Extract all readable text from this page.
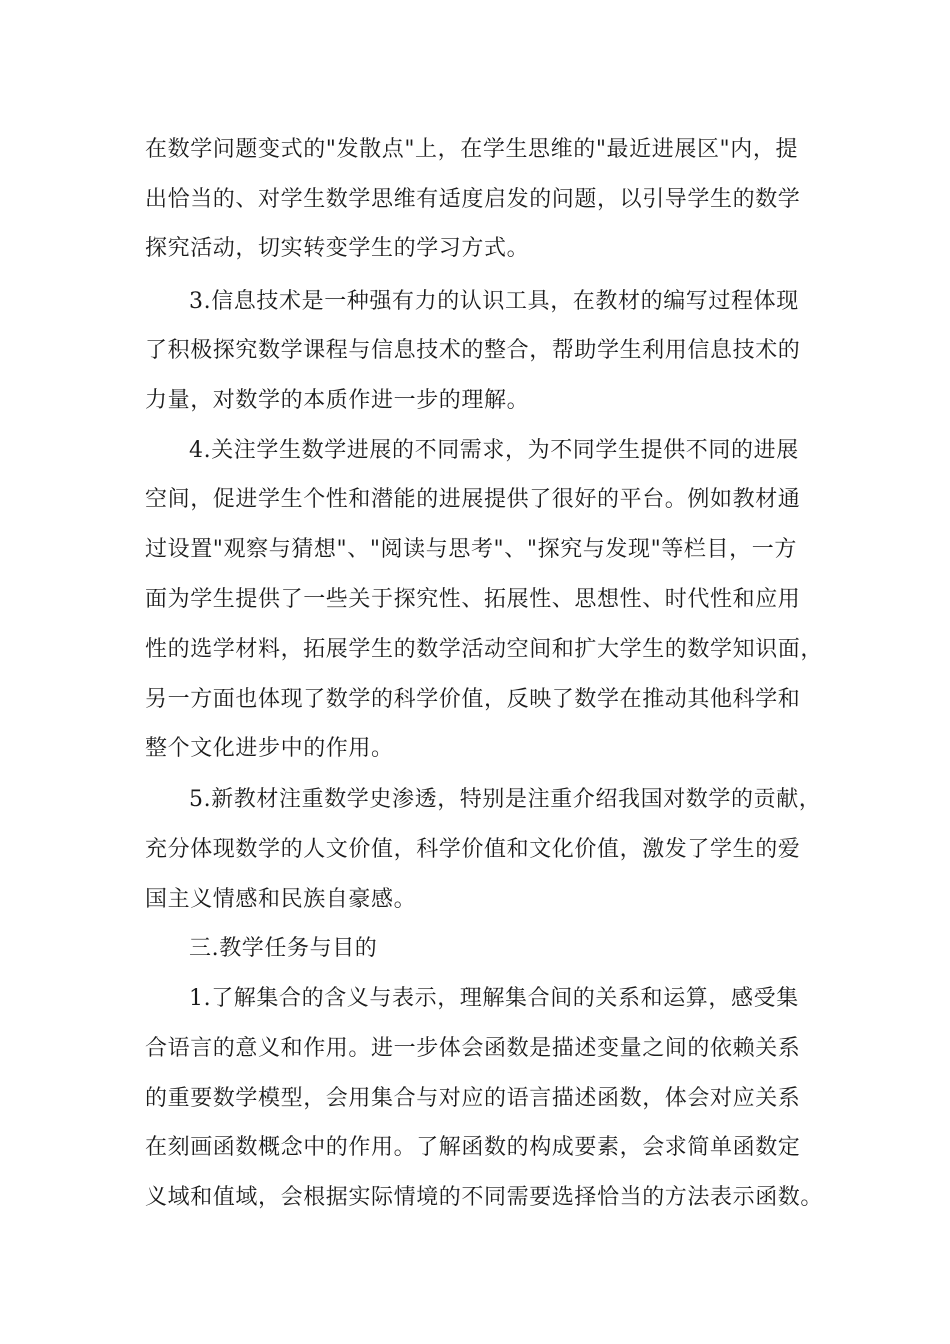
在数学问题变式的"发散点"上，在学生思维的"最近进展区"内，提
出恰当的、对学生数学思维有适度启发的问题，以引导学生的数学
探究活动，切实转变学生的学习方式。
3.信息技术是一种强有力的认识工具，在教材的编写过程体现
了积极探究数学课程与信息技术的整合，帮助学生利用信息技术的
力量，对数学的本质作进一步的理解。
4.关注学生数学进展的不同需求，为不同学生提供不同的进展
空间，促进学生个性和潜能的进展提供了很好的平台。例如教材通
过设置"观察与猜想"、"阅读与思考"、"探究与发现"等栏目，一方
面为学生提供了一些关于探究性、拓展性、思想性、时代性和应用
性的选学材料，拓展学生的数学活动空间和扩大学生的数学知识面，
另一方面也体现了数学的科学价值，反映了数学在推动其他科学和
整个文化进步中的作用。
5.新教材注重数学史渗透，特别是注重介绍我国对数学的贡献，
充分体现数学的人文价值，科学价值和文化价值，激发了学生的爱
国主义情感和民族自豪感。
三.教学任务与目的
1.了解集合的含义与表示，理解集合间的关系和运算，感受集
合语言的意义和作用。进一步体会函数是描述变量之间的依赖关系
的重要数学模型，会用集合与对应的语言描述函数，体会对应关系
在刻画函数概念中的作用。了解函数的构成要素，会求简单函数定
义域和值域，会根据实际情境的不同需要选择恰当的方法表示函数。
